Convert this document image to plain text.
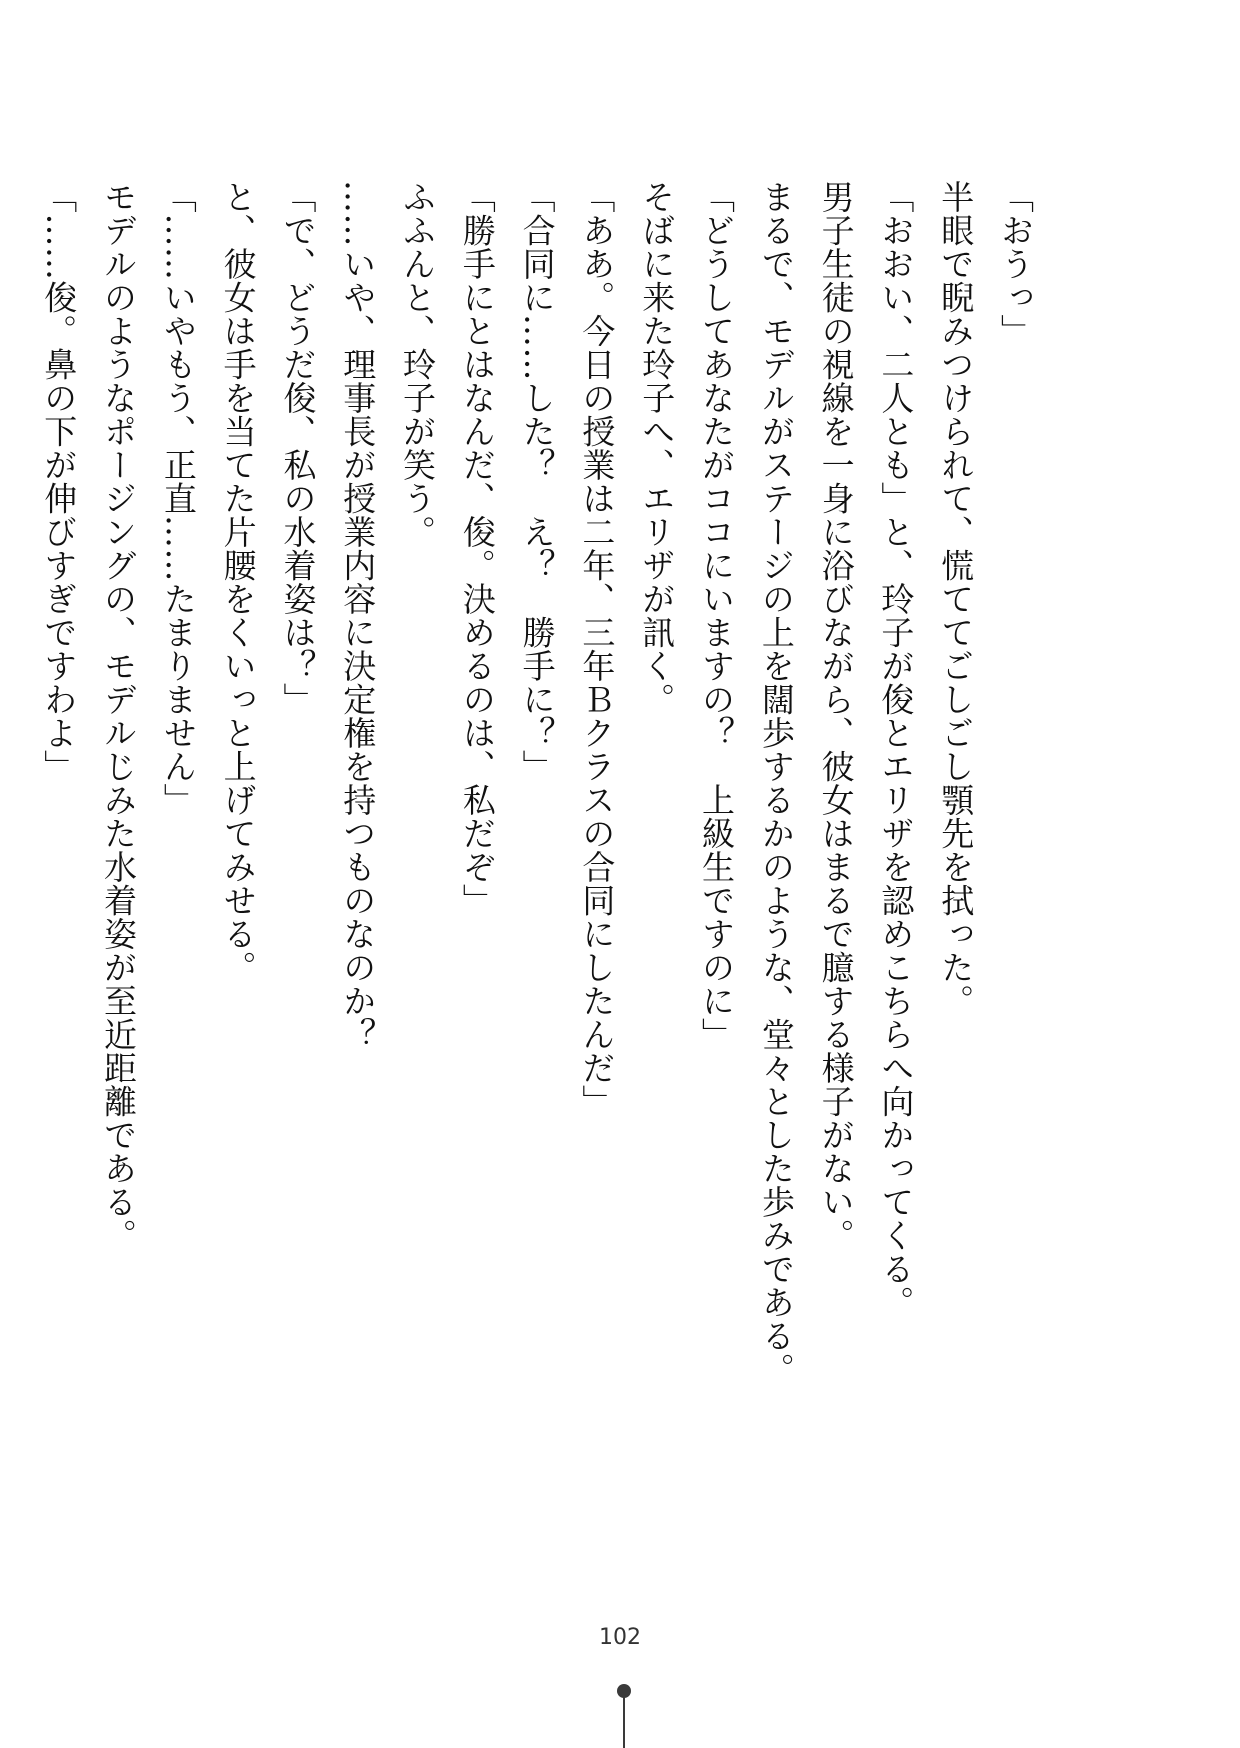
「おうっ」
半眼で睨みつけられて、慌ててごしごし顎先を拭った。
「おおい、二人とも」と、玲子が俊とエリザを認めこちらへ向かってくる。
男子生徒の視線を一身に浴びながら、彼女はまるで臆する様子がない。
まるで、モデルがステージの上を闊歩するかのような、堂々とした歩みである。
「どうしてあなたがココにいますの？　上級生ですのに」
そばに来た玲子へ、エリザが訊く。
「ああ。今日の授業は二年、三年Ｂクラスの合同にしたんだ」
「合同に……した？　え？　勝手に？」
「勝手にとはなんだ、俊。決めるのは、私だぞ」
ふふんと、玲子が笑う。
……いや、理事長が授業内容に決定権を持つものなのか？
「で、どうだ俊、私の水着姿は？」
と、彼女は手を当てた片腰をくいっと上げてみせる。
「……いやもう、正直……たまりません」
モデルのようなポージングの、モデルじみた水着姿が至近距離である。
「……俊。鼻の下が伸びすぎですわよ」
102
